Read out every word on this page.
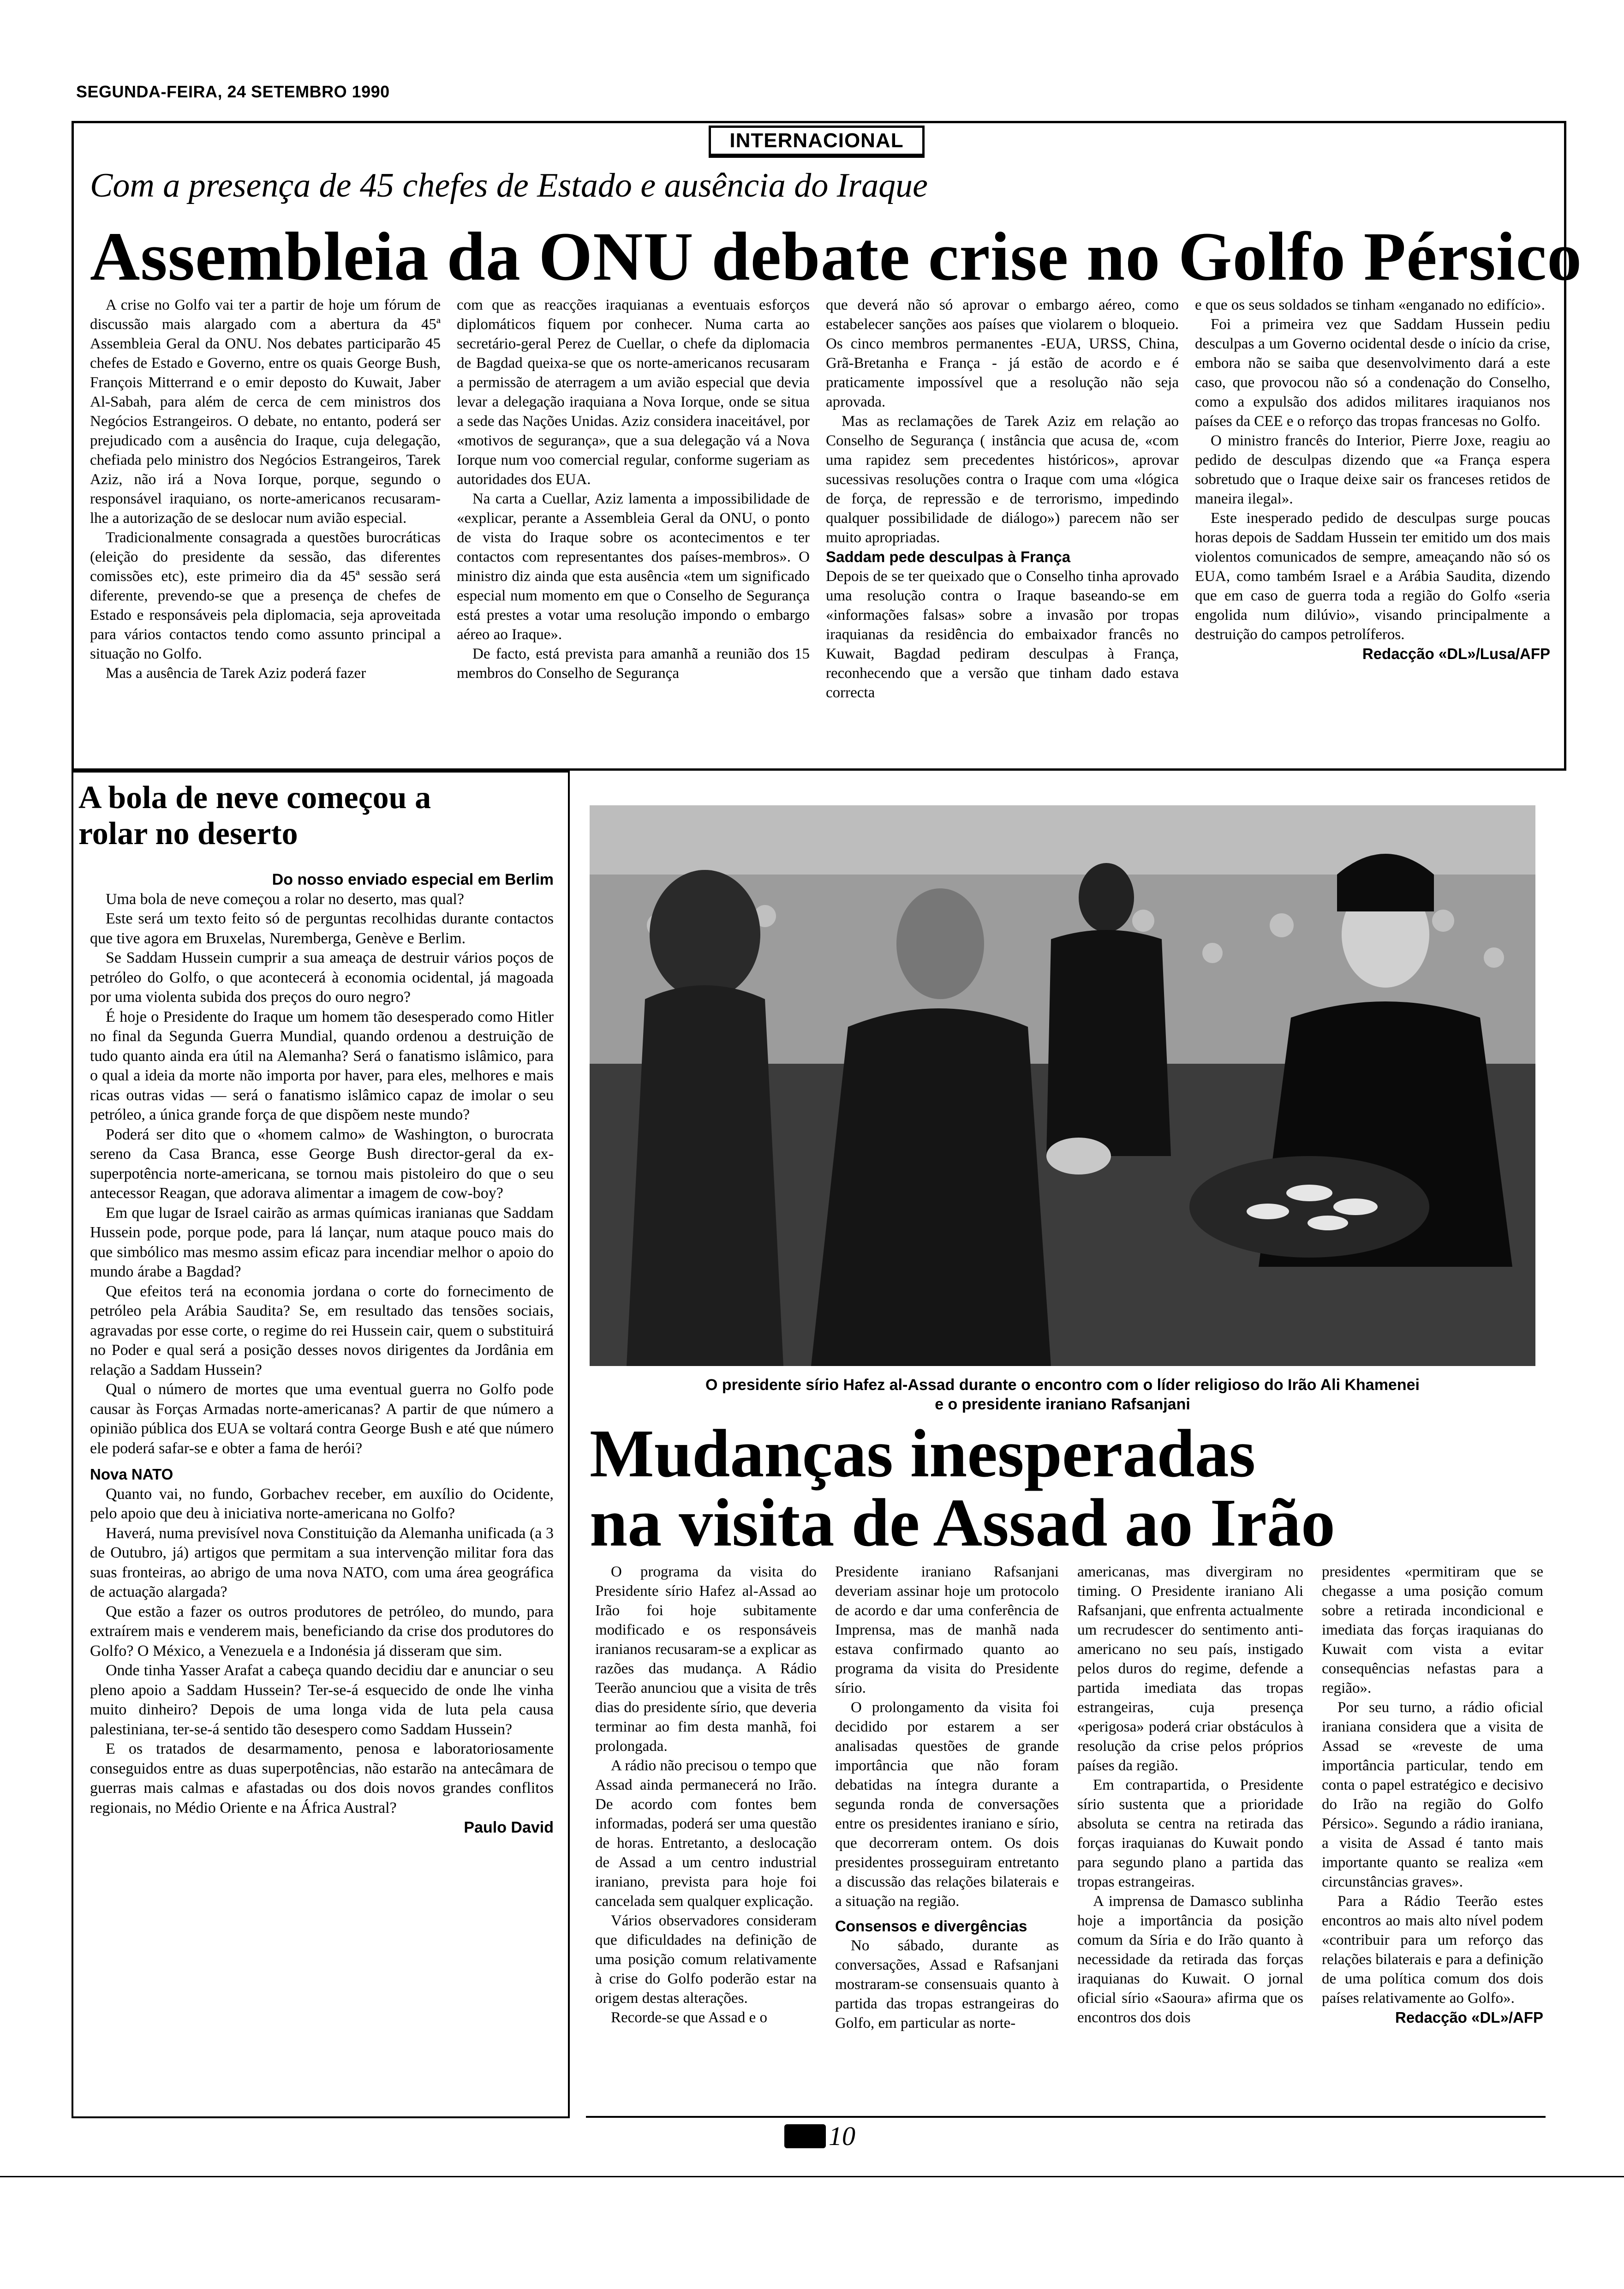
SEGUNDA-FEIRA, 24 SETEMBRO 1990
INTERNACIONAL
Com a presença de 45 chefes de Estado e ausência do Iraque
Assembleia da ONU debate crise no Golfo Pérsico

A crise no Golfo vai ter a partir de hoje um fórum de discussão mais alargado com a abertura da 45ª Assembleia Geral da ONU. Nos debates participarão 45 chefes de Estado e Governo, entre os quais George Bush, François Mitterrand e o emir deposto do Kuwait, Jaber Al-Sabah, para além de cerca de cem ministros dos Negócios Estrangeiros. O debate, no entanto, poderá ser prejudicado com a ausência do Iraque, cuja delegação, chefiada pelo ministro dos Negócios Estrangeiros, Tarek Aziz, não irá a Nova Iorque, porque, segundo o responsável iraquiano, os norte-americanos recusaram-lhe a autorização de se deslocar num avião especial.

Tradicionalmente consagrada a questões burocráticas (eleição do presidente da sessão, das diferentes comissões etc), este primeiro dia da 45ª sessão será diferente, prevendo-se que a presença de chefes de Estado e responsáveis pela diplomacia, seja aproveitada para vários contactos tendo como assunto principal a situação no Golfo.

Mas a ausência de Tarek Aziz poderá fazer

com que as reacções iraquianas a eventuais esforços diplomáticos fiquem por conhecer. Numa carta ao secretário-geral Perez de Cuellar, o chefe da diplomacia de Bagdad queixa-se que os norte-americanos recusaram a permissão de aterragem a um avião especial que devia levar a delegação iraquiana a Nova Iorque, onde se situa a sede das Nações Unidas. Aziz considera inaceitável, por «motivos de segurança», que a sua delegação vá a Nova Iorque num voo comercial regular, conforme sugeriam as autoridades dos EUA.

Na carta a Cuellar, Aziz lamenta a impossibilidade de «explicar, perante a Assembleia Geral da ONU, o ponto de vista do Iraque sobre os acontecimentos e ter contactos com representantes dos países-membros». O ministro diz ainda que esta ausência «tem um significado especial num momento em que o Conselho de Segurança está prestes a votar uma resolução impondo o embargo aéreo ao Iraque».

De facto, está prevista para amanhã a reunião dos 15 membros do Conselho de Segurança

que deverá não só aprovar o embargo aéreo, como estabelecer sanções aos países que violarem o bloqueio. Os cinco membros permanentes -EUA, URSS, China, Grã-Bretanha e França - já estão de acordo e é praticamente impossível que a resolução não seja aprovada.

Mas as reclamações de Tarek Aziz em relação ao Conselho de Segurança ( instância que acusa de, «com uma rapidez sem precedentes históricos», aprovar sucessivas resoluções contra o Iraque com uma «lógica de força, de repressão e de terrorismo, impedindo qualquer possibilidade de diálogo») parecem não ser muito apropriadas.

Saddam pede desculpas à França

Depois de se ter queixado que o Conselho tinha aprovado uma resolução contra o Iraque baseando-se em «informações falsas» sobre a invasão por tropas iraquianas da residência do embaixador francês no Kuwait, Bagdad pediram desculpas à França, reconhecendo que a versão que tinham dado estava correcta

e que os seus soldados se tinham «enganado no edifício».

Foi a primeira vez que Saddam Hussein pediu desculpas a um Governo ocidental desde o início da crise, embora não se saiba que desenvolvimento dará a este caso, que provocou não só a condenação do Conselho, como a expulsão dos adidos militares iraquianos nos países da CEE e o reforço das tropas francesas no Golfo.

O ministro francês do Interior, Pierre Joxe, reagiu ao pedido de desculpas dizendo que «a França espera sobretudo que o Iraque deixe sair os franceses retidos de maneira ilegal».

Este inesperado pedido de desculpas surge poucas horas depois de Saddam Hussein ter emitido um dos mais violentos comunicados de sempre, ameaçando não só os EUA, como também Israel e a Arábia Saudita, dizendo que em caso de guerra toda a região do Golfo «seria engolida num dilúvio», visando principalmente a destruição do campos petrolíferos.

Redacção «DL»/Lusa/AFP

A bola de neve começou a rolar no deserto

Do nosso enviado especial em Berlim

Uma bola de neve começou a rolar no deserto, mas qual?

Este será um texto feito só de perguntas recolhidas durante contactos que tive agora em Bruxelas, Nuremberga, Genève e Berlim.

Se Saddam Hussein cumprir a sua ameaça de destruir vários poços de petróleo do Golfo, o que acontecerá à economia ocidental, já magoada por uma violenta subida dos preços do ouro negro?

É hoje o Presidente do Iraque um homem tão desesperado como Hitler no final da Segunda Guerra Mundial, quando ordenou a destruição de tudo quanto ainda era útil na Alemanha? Será o fanatismo islâmico, para o qual a ideia da morte não importa por haver, para eles, melhores e mais ricas outras vidas — será o fanatismo islâmico capaz de imolar o seu petróleo, a única grande força de que dispõem neste mundo?

Poderá ser dito que o «homem calmo» de Washington, o burocrata sereno da Casa Branca, esse George Bush director-geral da ex-superpotência norte-americana, se tornou mais pistoleiro do que o seu antecessor Reagan, que adorava alimentar a imagem de cow-boy?

Em que lugar de Israel cairão as armas químicas iranianas que Saddam Hussein pode, porque pode, para lá lançar, num ataque pouco mais do que simbólico mas mesmo assim eficaz para incendiar melhor o apoio do mundo árabe a Bagdad?

Que efeitos terá na economia jordana o corte do fornecimento de petróleo pela Arábia Saudita? Se, em resultado das tensões sociais, agravadas por esse corte, o regime do rei Hussein cair, quem o substituirá no Poder e qual será a posição desses novos dirigentes da Jordânia em relação a Saddam Hussein?

Qual o número de mortes que uma eventual guerra no Golfo pode causar às Forças Armadas norte-americanas? A partir de que número a opinião pública dos EUA se voltará contra George Bush e até que número ele poderá safar-se e obter a fama de herói?

Nova NATO

Quanto vai, no fundo, Gorbachev receber, em auxílio do Ocidente, pelo apoio que deu à iniciativa norte-americana no Golfo?

Haverá, numa previsível nova Constituição da Alemanha unificada (a 3 de Outubro, já) artigos que permitam a sua intervenção militar fora das suas fronteiras, ao abrigo de uma nova NATO, com uma área geográfica de actuação alargada?

Que estão a fazer os outros produtores de petróleo, do mundo, para extraírem mais e venderem mais, beneficiando da crise dos produtores do Golfo? O México, a Venezuela e a Indonésia já disseram que sim.

Onde tinha Yasser Arafat a cabeça quando decidiu dar e anunciar o seu pleno apoio a Saddam Hussein? Ter-se-á esquecido de onde lhe vinha muito dinheiro? Depois de uma longa vida de luta pela causa palestiniana, ter-se-á sentido tão desespero como Saddam Hussein?

E os tratados de desarmamento, penosa e laboratoriosamente conseguidos entre as duas superpotências, não estarão na antecâmara de guerras mais calmas e afastadas ou dos dois novos grandes conflitos regionais, no Médio Oriente e na África Austral?

Paulo David

O presidente sírio Hafez al-Assad durante o encontro com o líder religioso do Irão Ali Khamenei
e o presidente iraniano Rafsanjani
Mudanças inesperadas
na visita de Assad ao Irão

O programa da visita do Presidente sírio Hafez al-Assad ao Irão foi hoje subitamente modificado e os responsáveis iranianos recusaram-se a explicar as razões das mudança. A Rádio Teerão anunciou que a visita de três dias do presidente sírio, que deveria terminar ao fim desta manhã, foi prolongada.

A rádio não precisou o tempo que Assad ainda permanecerá no Irão. De acordo com fontes bem informadas, poderá ser uma questão de horas. Entretanto, a deslocação de Assad a um centro industrial iraniano, prevista para hoje foi cancelada sem qualquer explicação.

Vários observadores consideram que dificuldades na definição de uma posição comum relativamente à crise do Golfo poderão estar na origem destas alterações.

Recorde-se que Assad e o

Presidente iraniano Rafsanjani deveriam assinar hoje um protocolo de acordo e dar uma conferência de Imprensa, mas de manhã nada estava confirmado quanto ao programa da visita do Presidente sírio.

O prolongamento da visita foi decidido por estarem a ser analisadas questões de grande importância que não foram debatidas na íntegra durante a segunda ronda de conversações entre os presidentes iraniano e sírio, que decorreram ontem. Os dois presidentes prosseguiram entretanto a discussão das relações bilaterais e a situação na região.

Consensos e divergências

No sábado, durante as conversações, Assad e Rafsanjani mostraram-se consensuais quanto à partida das tropas estrangeiras do Golfo, em particular as norte-

americanas, mas divergiram no timing. O Presidente iraniano Ali Rafsanjani, que enfrenta actualmente um recrudescer do sentimento anti-americano no seu país, instigado pelos duros do regime, defende a partida imediata das tropas estrangeiras, cuja presença «perigosa» poderá criar obstáculos à resolução da crise pelos próprios países da região.

Em contrapartida, o Presidente sírio sustenta que a prioridade absoluta se centra na retirada das forças iraquianas do Kuwait pondo para segundo plano a partida das tropas estrangeiras.

A imprensa de Damasco sublinha hoje a importância da posição comum da Síria e do Irão quanto à necessidade da retirada das forças iraquianas do Kuwait. O jornal oficial sírio «Saoura» afirma que os encontros dos dois

presidentes «permitiram que se chegasse a uma posição comum sobre a retirada incondicional e imediata das forças iraquianas do Kuwait com vista a evitar consequências nefastas para a região».

Por seu turno, a rádio oficial iraniana considera que a visita de Assad se «reveste de uma importância particular, tendo em conta o papel estratégico e decisivo do Irão na região do Golfo Pérsico». Segundo a rádio iraniana, a visita de Assad é tanto mais importante quanto se realiza «em circunstâncias graves».

Para a Rádio Teerão estes encontros ao mais alto nível podem «contribuir para um reforço das relações bilaterais e para a definição de uma política comum dos dois países relativamente ao Golfo».

Redacção «DL»/AFP

10
